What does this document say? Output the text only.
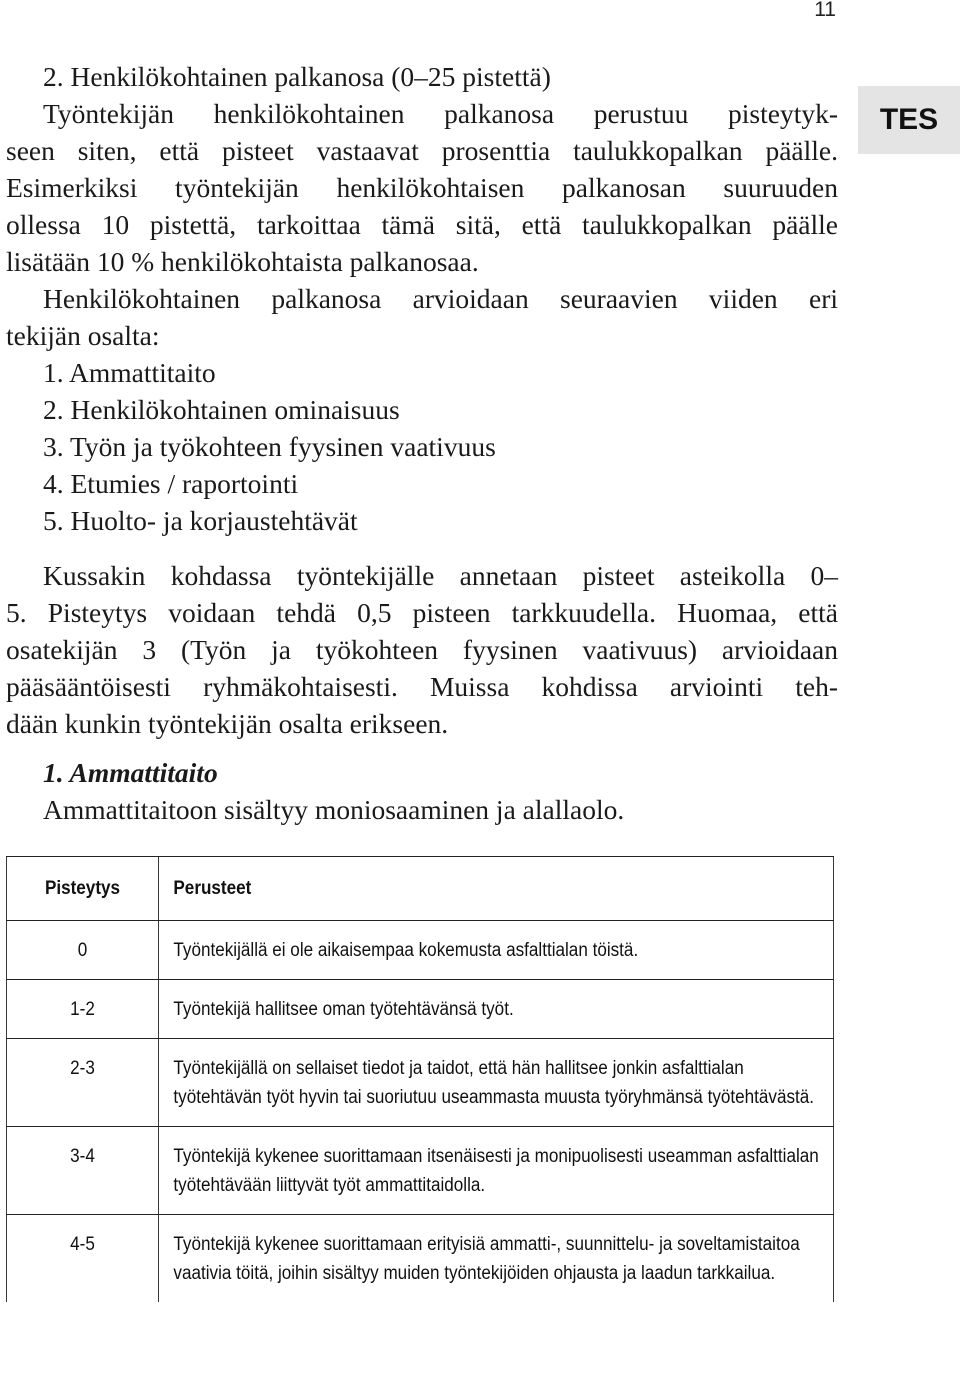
11
TES
2. Henkilökohtainen palkanosa (0–25 pistettä)
Työntekijän henkilökohtainen palkanosa perustuu pisteytyk-
seen siten, että pisteet vastaavat prosenttia taulukkopalkan päälle.
Esimerkiksi työntekijän henkilökohtaisen palkanosan suuruuden
ollessa 10 pistettä, tarkoittaa tämä sitä, että taulukkopalkan päälle
lisätään 10 % henkilökohtaista palkanosaa.
Henkilökohtainen palkanosa arvioidaan seuraavien viiden eri
tekijän osalta:
1. Ammattitaito
2. Henkilökohtainen ominaisuus
3. Työn ja työkohteen fyysinen vaativuus
4. Etumies / raportointi
5. Huolto- ja korjaustehtävät
Kussakin kohdassa työntekijälle annetaan pisteet asteikolla 0–
5. Pisteytys voidaan tehdä 0,5 pisteen tarkkuudella. Huomaa, että
osatekijän 3 (Työn ja työkohteen fyysinen vaativuus) arvioidaan
pääsääntöisesti ryhmäkohtaisesti. Muissa kohdissa arviointi teh-
dään kunkin työntekijän osalta erikseen.
1. Ammattitaito
Ammattitaitoon sisältyy moniosaaminen ja alallaolo.
Pisteytys	Perusteet
0	Työntekijällä ei ole aikaisempaa kokemusta asfalttialan töistä.
1-2	Työntekijä hallitsee oman työtehtävänsä työt.
2-3	Työntekijällä on sellaiset tiedot ja taidot, että hän hallitsee jonkin asfalttialan työtehtävän työt hyvin tai suoriutuu useammasta muusta työryhmänsä työtehtävästä.
3-4	Työntekijä kykenee suorittamaan itsenäisesti ja monipuolisesti useamman asfalttialan työtehtävään liittyvät työt ammattitaidolla.
4-5	Työntekijä kykenee suorittamaan erityisiä ammatti-, suunnittelu- ja soveltamistaitoa vaativia töitä, joihin sisältyy muiden työntekijöiden ohjausta ja laadun tarkkailua.
